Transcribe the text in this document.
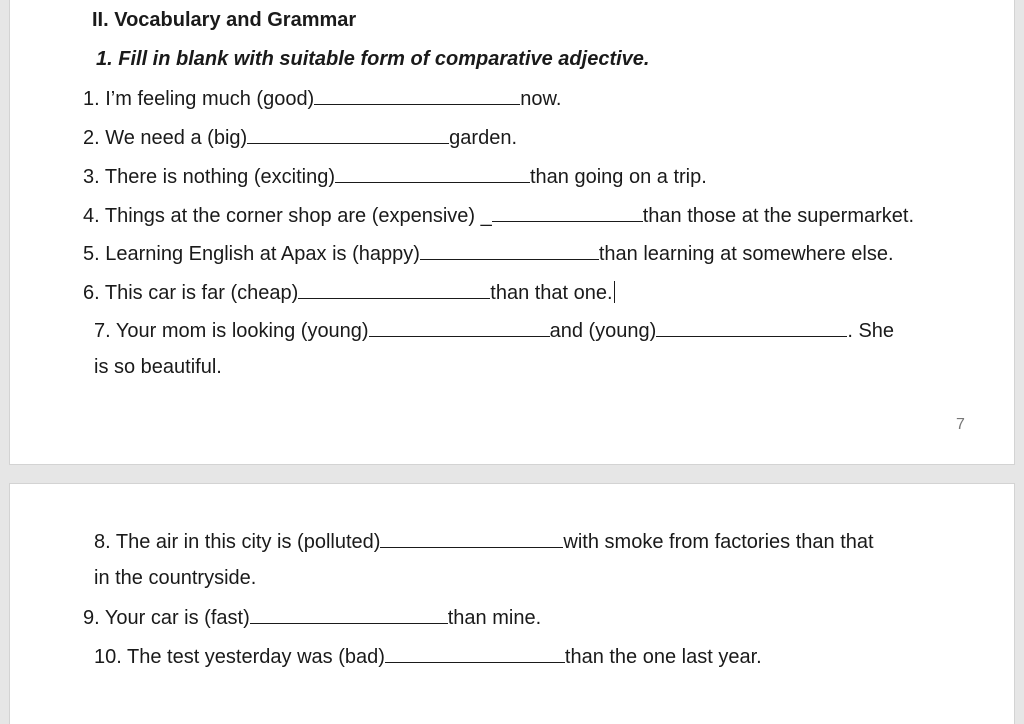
II. Vocabulary and Grammar
1. Fill in blank with suitable form of comparative adjective.
1. I’m feeling much (good)	now.
2. We need a (big)	garden.
3. There is nothing (exciting)	than going on a trip.
4. Things at the corner shop are (expensive) _	than those at the supermarket.
5. Learning English at Apax is (happy)	than learning at somewhere else.
6. This car is far (cheap)	than that one.
7. Your mom is looking (young)	and (young)	. She
is so beautiful.
7
8. The air in this city is (polluted)	with smoke from factories than that
in the countryside.
9. Your car is (fast)	than mine.
10. The test yesterday was (bad)	than the one last year.
